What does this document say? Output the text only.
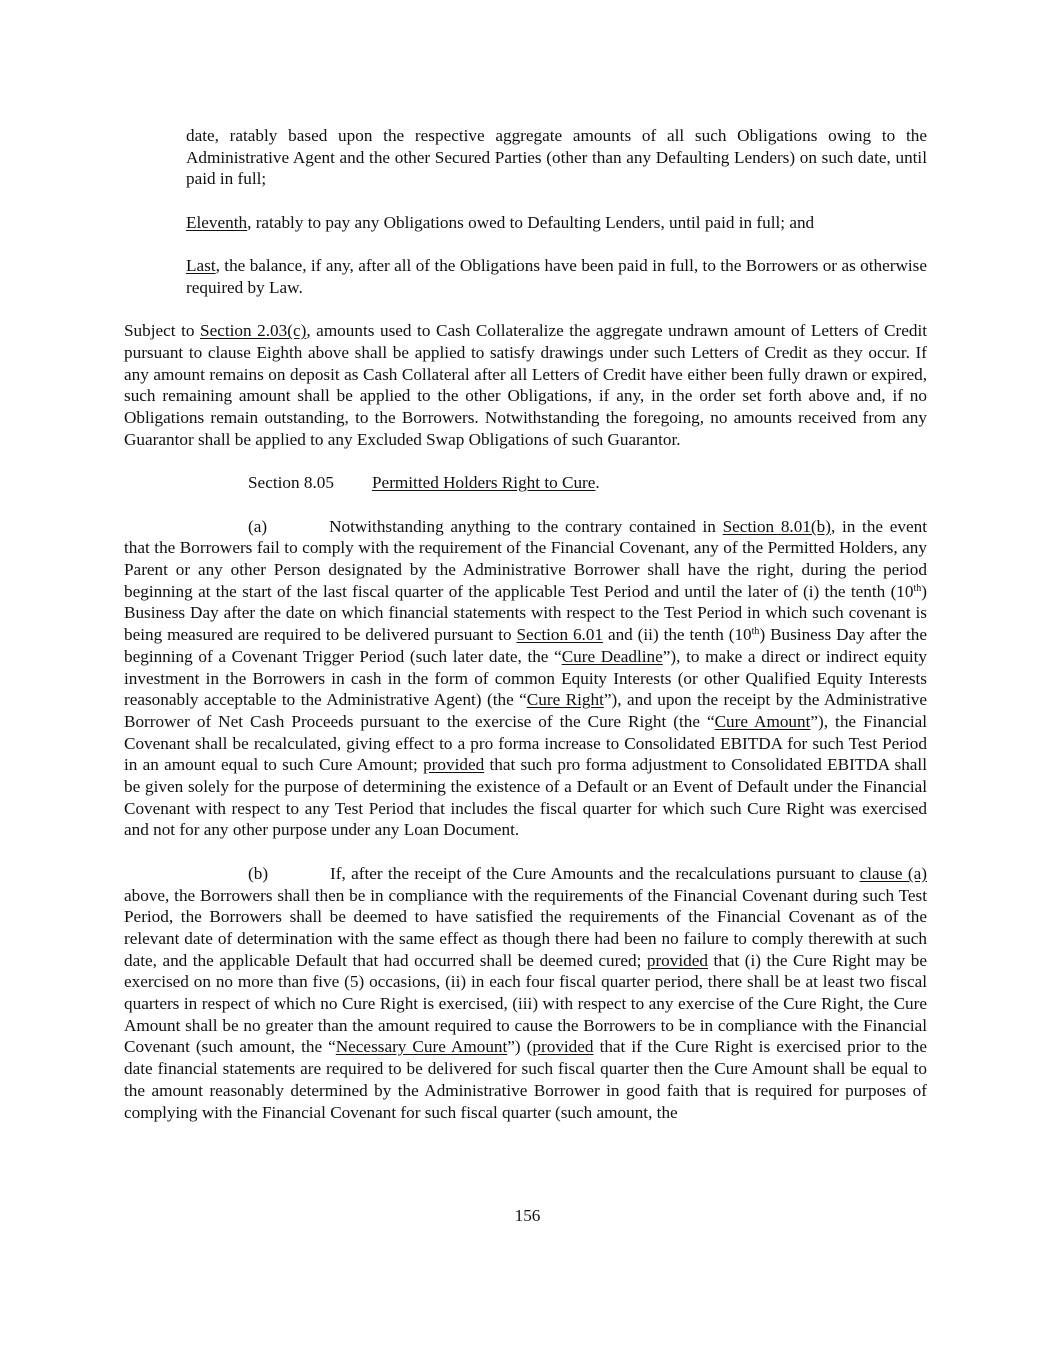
date, ratably based upon the respective aggregate amounts of all such Obligations owing to the Administrative Agent and the other Secured Parties (other than any Defaulting Lenders) on such date, until paid in full;

Eleventh, ratably to pay any Obligations owed to Defaulting Lenders, until paid in full; and

Last, the balance, if any, after all of the Obligations have been paid in full, to the Borrowers or as otherwise required by Law.

Subject to Section 2.03(c), amounts used to Cash Collateralize the aggregate undrawn amount of Letters of Credit pursuant to clause Eighth above shall be applied to satisfy drawings under such Letters of Credit as they occur. If any amount remains on deposit as Cash Collateral after all Letters of Credit have either been fully drawn or expired, such remaining amount shall be applied to the other Obligations, if any, in the order set forth above and, if no Obligations remain outstanding, to the Borrowers. Notwithstanding the foregoing, no amounts received from any Guarantor shall be applied to any Excluded Swap Obligations of such Guarantor.

Section 8.05 Permitted Holders Right to Cure.

(a)	Notwithstanding anything to the contrary contained in Section 8.01(b), in the event that the Borrowers fail to comply with the requirement of the Financial Covenant, any of the Permitted Holders, any Parent or any other Person designated by the Administrative Borrower shall have the right, during the period beginning at the start of the last fiscal quarter of the applicable Test Period and until the later of (i) the tenth (10th) Business Day after the date on which financial statements with respect to the Test Period in which such covenant is being measured are required to be delivered pursuant to Section 6.01 and (ii) the tenth (10th) Business Day after the beginning of a Covenant Trigger Period (such later date, the “Cure Deadline”), to make a direct or indirect equity investment in the Borrowers in cash in the form of common Equity Interests (or other Qualified Equity Interests reasonably acceptable to the Administrative Agent) (the “Cure Right”), and upon the receipt by the Administrative Borrower of Net Cash Proceeds pursuant to the exercise of the Cure Right (the “Cure Amount”), the Financial Covenant shall be recalculated, giving effect to a pro forma increase to Consolidated EBITDA for such Test Period in an amount equal to such Cure Amount; provided that such pro forma adjustment to Consolidated EBITDA shall be given solely for the purpose of determining the existence of a Default or an Event of Default under the Financial Covenant with respect to any Test Period that includes the fiscal quarter for which such Cure Right was exercised and not for any other purpose under any Loan Document.

(b)	If, after the receipt of the Cure Amounts and the recalculations pursuant to clause (a) above, the Borrowers shall then be in compliance with the requirements of the Financial Covenant during such Test Period, the Borrowers shall be deemed to have satisfied the requirements of the Financial Covenant as of the relevant date of determination with the same effect as though there had been no failure to comply therewith at such date, and the applicable Default that had occurred shall be deemed cured; provided that (i) the Cure Right may be exercised on no more than five (5) occasions, (ii) in each four fiscal quarter period, there shall be at least two fiscal quarters in respect of which no Cure Right is exercised, (iii) with respect to any exercise of the Cure Right, the Cure Amount shall be no greater than the amount required to cause the Borrowers to be in compliance with the Financial Covenant (such amount, the “Necessary Cure Amount”) (provided that if the Cure Right is exercised prior to the date financial statements are required to be delivered for such fiscal quarter then the Cure Amount shall be equal to the amount reasonably determined by the Administrative Borrower in good faith that is required for purposes of complying with the Financial Covenant for such fiscal quarter (such amount, the

156
